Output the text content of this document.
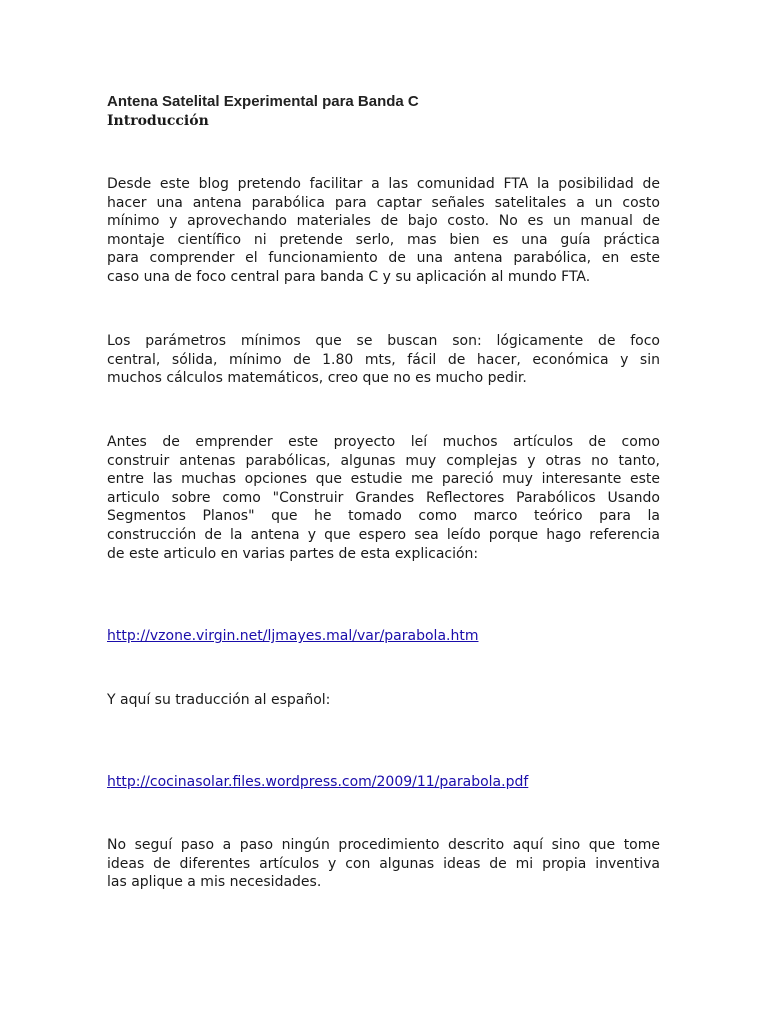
Antena Satelital Experimental para Banda C
Introducción
Desde este blog pretendo facilitar a las comunidad FTA la posibilidad de
hacer una antena parabólica para captar señales satelitales a un costo
mínimo y aprovechando materiales de bajo costo. No es un manual de
montaje científico ni pretende serlo, mas bien es una guía práctica
para comprender el funcionamiento de una antena parabólica, en este
caso una de foco central para banda C y su aplicación al mundo FTA.
Los parámetros mínimos que se buscan son: lógicamente de foco
central, sólida, mínimo de 1.80 mts, fácil de hacer, económica y sin
muchos cálculos matemáticos, creo que no es mucho pedir.
Antes de emprender este proyecto leí muchos artículos de como
construir antenas parabólicas, algunas muy complejas y otras no tanto,
entre las muchas opciones que estudie me pareció muy interesante este
articulo sobre como "Construir Grandes Reflectores Parabólicos Usando
Segmentos Planos" que he tomado como marco teórico para la
construcción de la antena y que espero sea leído porque hago referencia
de este articulo en varias partes de esta explicación:
http://vzone.virgin.net/ljmayes.mal/var/parabola.htm
Y aquí su traducción al español:
http://cocinasolar.files.wordpress.com/2009/11/parabola.pdf
No seguí paso a paso ningún procedimiento descrito aquí sino que tome
ideas de diferentes artículos y con algunas ideas de mi propia inventiva
las aplique a mis necesidades.
